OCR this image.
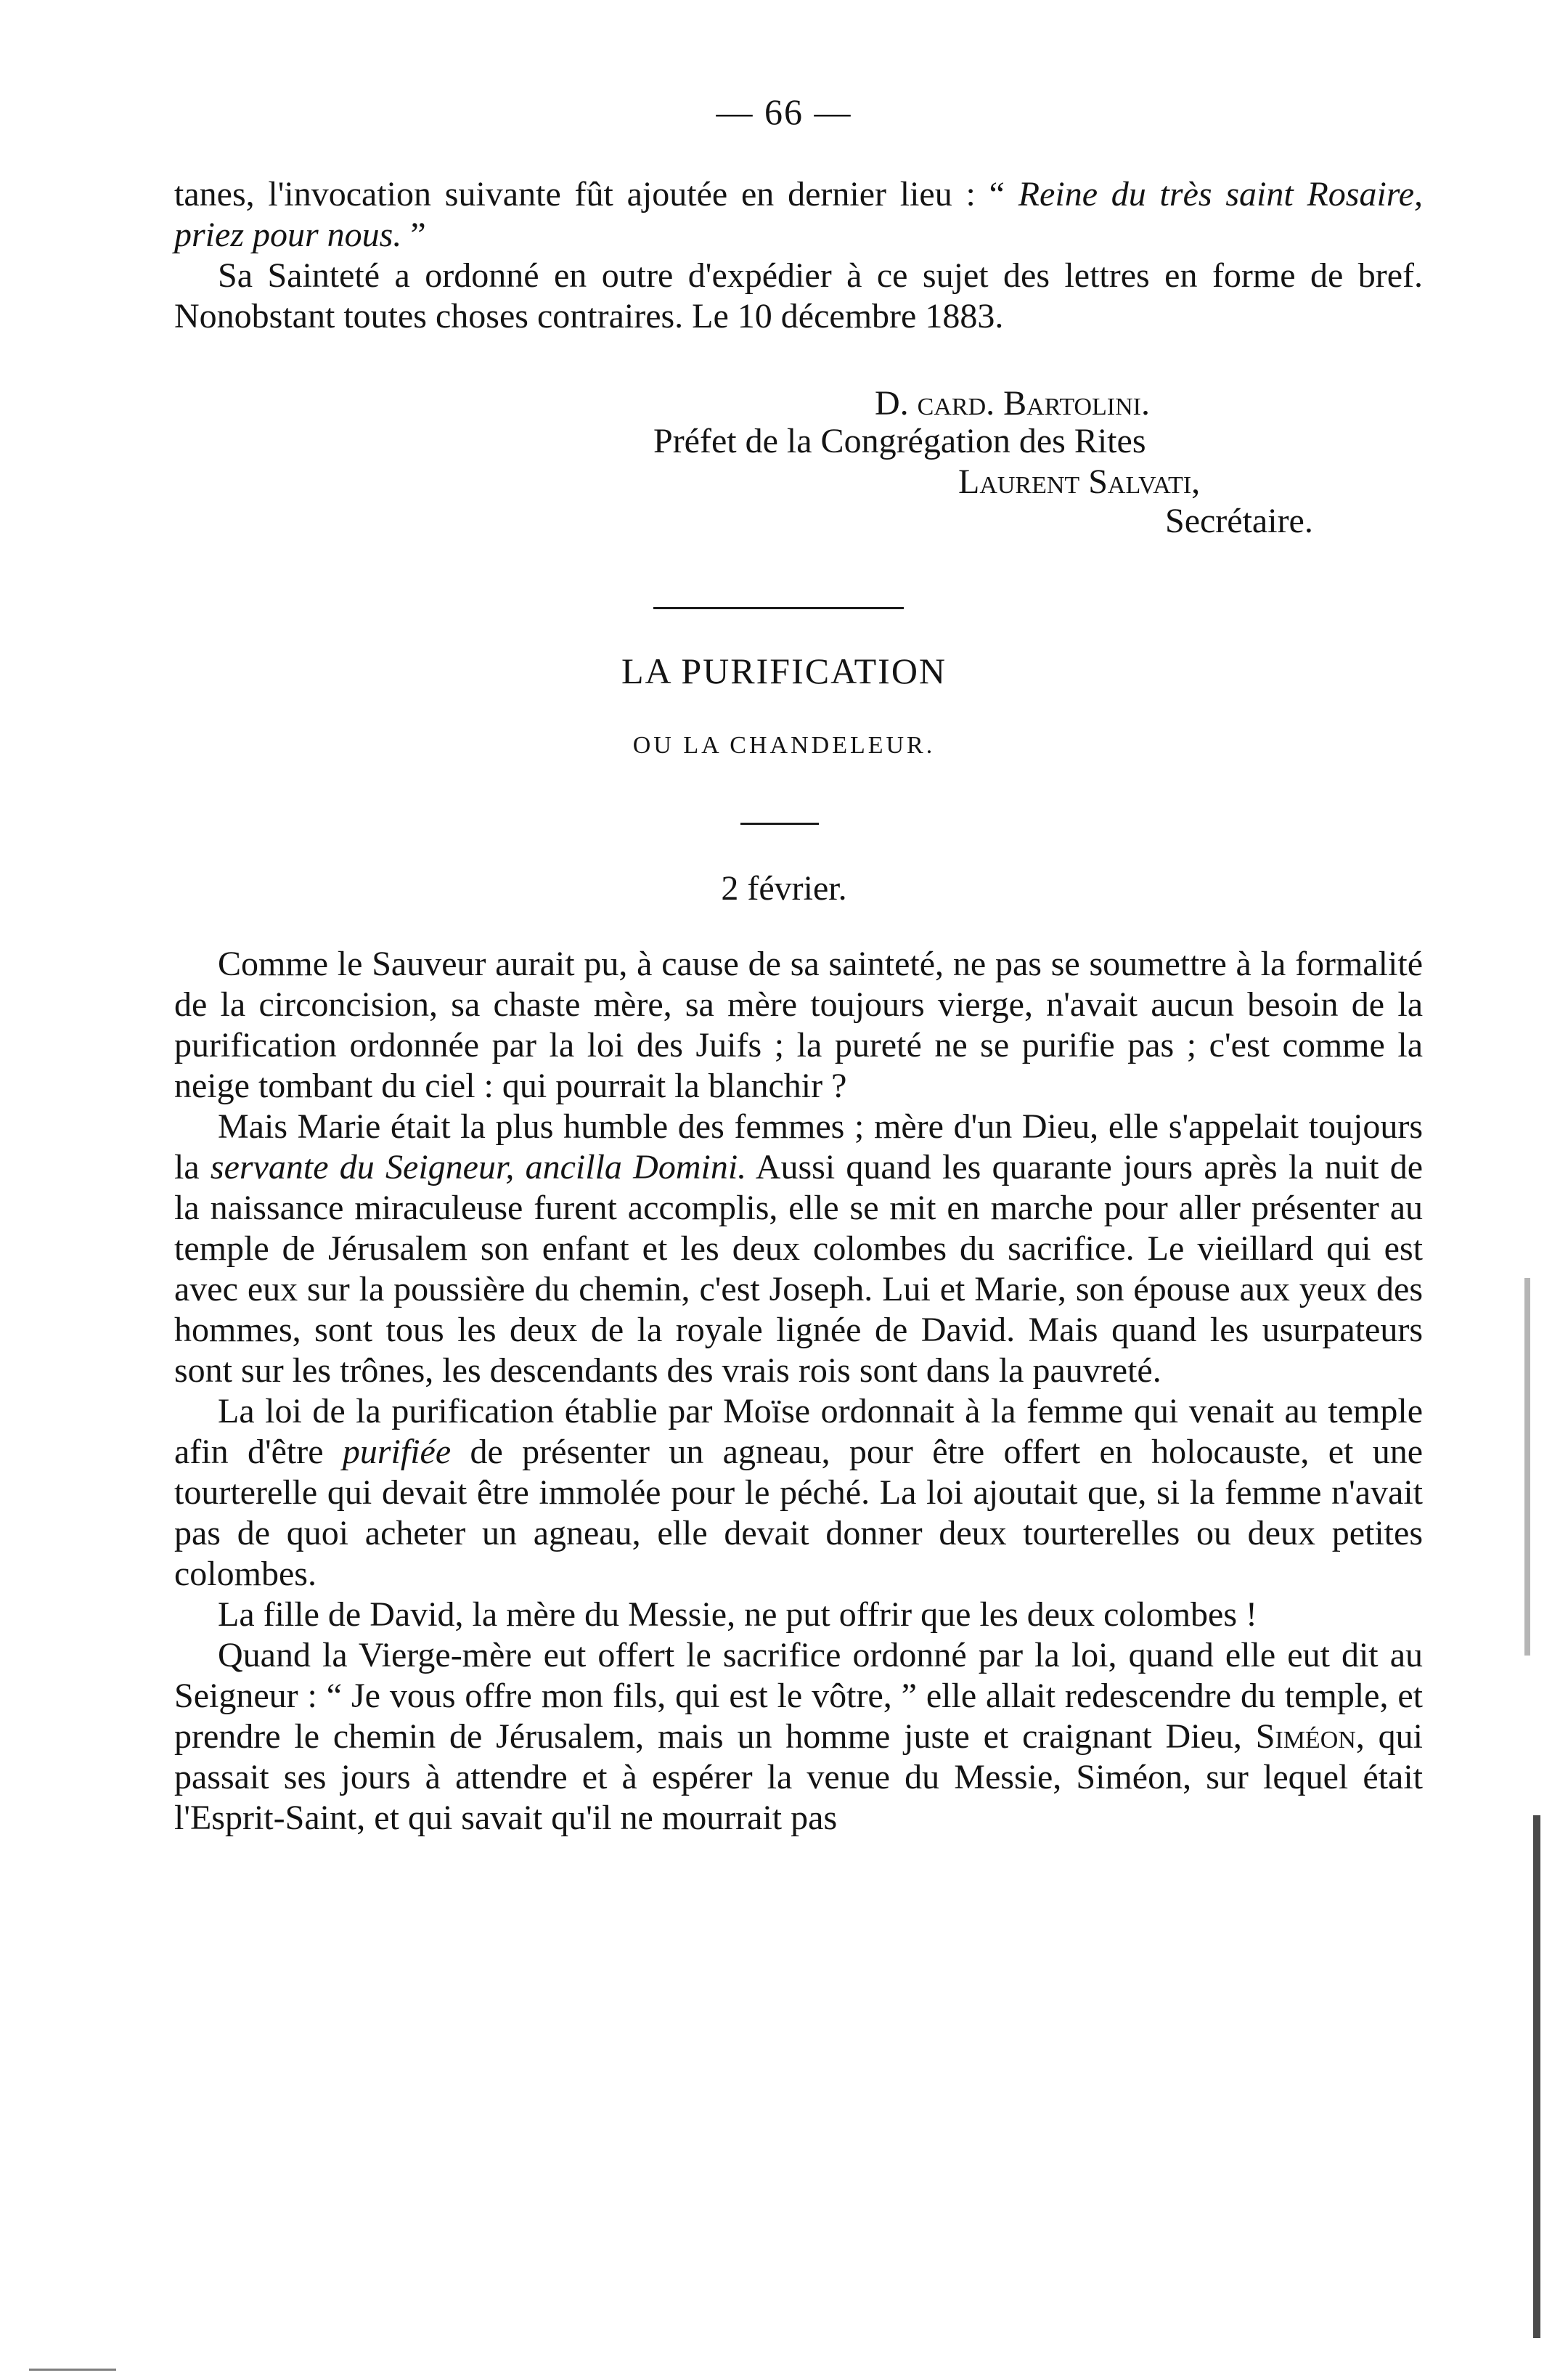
— 66 —

tanes, l'invocation suivante fût ajoutée en dernier lieu : “ Reine du très saint Rosaire, priez pour nous. ”

Sa Sainteté a ordonné en outre d'expédier à ce sujet des lettres en forme de bref. Nonobstant toutes choses contraires. Le 10 décembre 1883.

D. card. Bartolini.
Préfet de la Congrégation des Rites
Laurent Salvati,
Secrétaire.
LA PURIFICATION
OU LA CHANDELEUR.
2 février.

Comme le Sauveur aurait pu, à cause de sa sainteté, ne pas se soumettre à la formalité de la circoncision, sa chaste mère, sa mère toujours vierge, n'avait aucun besoin de la purification ordonnée par la loi des Juifs ; la pureté ne se purifie pas ; c'est comme la neige tombant du ciel : qui pourrait la blanchir ?

Mais Marie était la plus humble des femmes ; mère d'un Dieu, elle s'appelait toujours la servante du Seigneur, ancilla Domini. Aussi quand les quarante jours après la nuit de la naissance miraculeuse furent accomplis, elle se mit en marche pour aller présenter au temple de Jérusalem son enfant et les deux colombes du sacrifice. Le vieillard qui est avec eux sur la poussière du chemin, c'est Joseph. Lui et Marie, son épouse aux yeux des hommes, sont tous les deux de la royale lignée de David. Mais quand les usurpateurs sont sur les trônes, les descendants des vrais rois sont dans la pauvreté.

La loi de la purification établie par Moïse ordonnait à la femme qui venait au temple afin d'être purifiée de présenter un agneau, pour être offert en holocauste, et une tourterelle qui devait être immolée pour le péché. La loi ajoutait que, si la femme n'avait pas de quoi acheter un agneau, elle devait donner deux tourterelles ou deux petites colombes.

La fille de David, la mère du Messie, ne put offrir que les deux colombes !

Quand la Vierge-mère eut offert le sacrifice ordonné par la loi, quand elle eut dit au Seigneur : “ Je vous offre mon fils, qui est le vôtre, ” elle allait redescendre du temple, et prendre le chemin de Jérusalem, mais un homme juste et craignant Dieu, Siméon, qui passait ses jours à attendre et à espérer la venue du Messie, Siméon, sur lequel était l'Esprit-Saint, et qui savait qu'il ne mourrait pas
